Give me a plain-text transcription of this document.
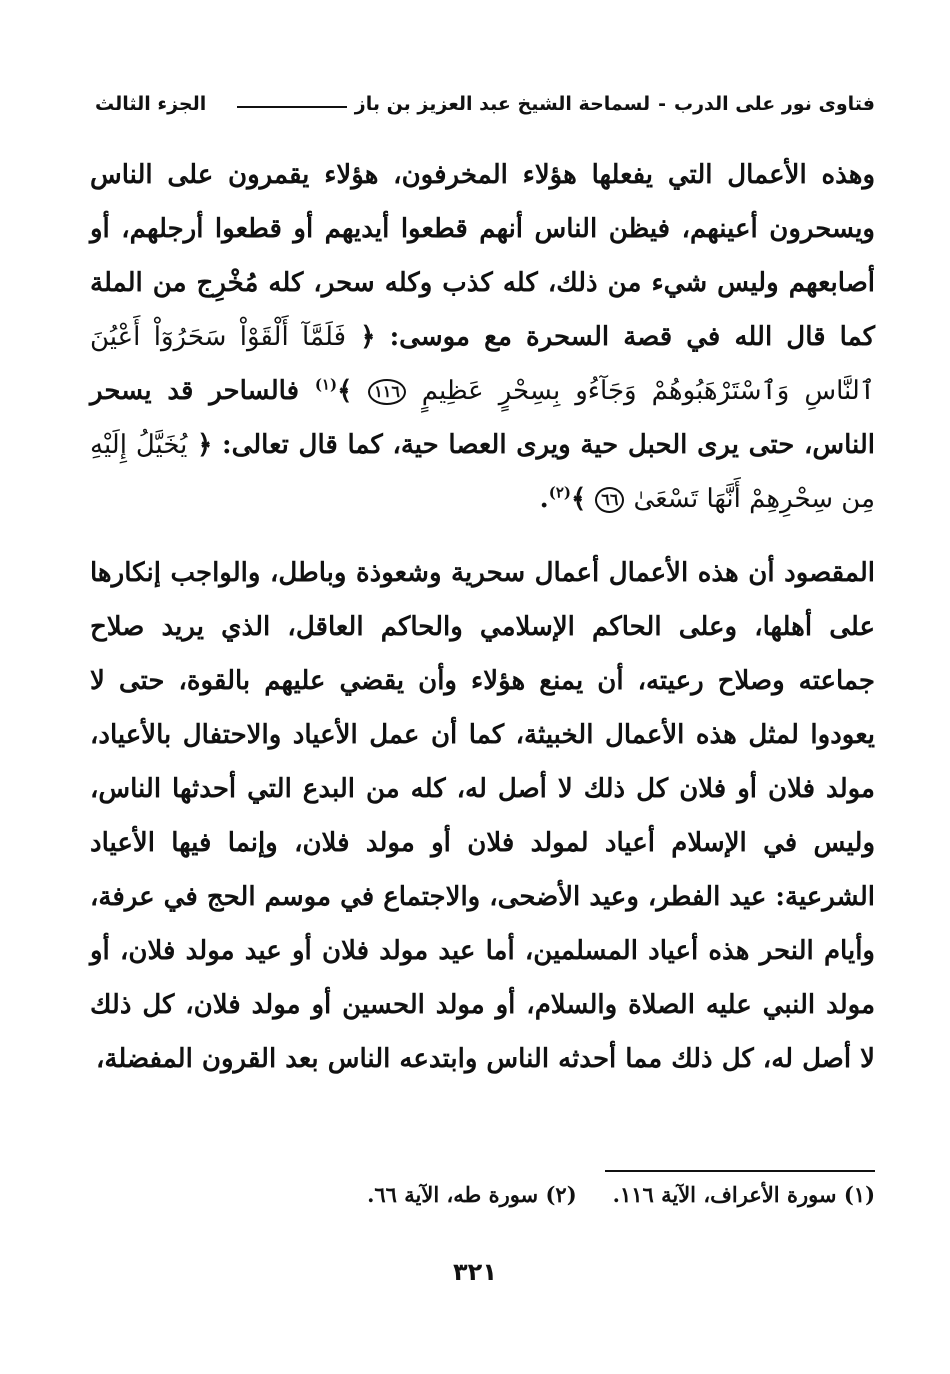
فتاوى نور على الدرب
-
لسماحة الشيخ عبد العزيز بن باز
الجزء الثالث

وهذه الأعمال التي يفعلها هؤلاء المخرفون، هؤلاء يقمرون على الناس ويسحرون أعينهم، فيظن الناس أنهم قطعوا أيديهم أو قطعوا أرجلهم، أو أصابعهم وليس شيء من ذلك، كله كذب وكله سحر، كله مُخْرِج من الملة كما قال الله في قصة السحرة مع موسى: ﴿ فَلَمَّآ أَلْقَوْاْ سَحَرُوٓاْ أَعْيُنَ ٱلنَّاسِ وَٱسْتَرْهَبُوهُمْ وَجَآءُو بِسِحْرٍ عَظِيمٍ ١١٦ ﴾$^{(١)}$ فالساحر قد يسحر الناس، حتى يرى الحبل حية ويرى العصا حية، كما قال تعالى: ﴿ يُخَيَّلُ إِلَيْهِ مِن سِحْرِهِمْ أَنَّهَا تَسْعَىٰ ٦٦ ﴾$^{(٢)}$.

المقصود أن هذه الأعمال أعمال سحرية وشعوذة وباطل، والواجب إنكارها على أهلها، وعلى الحاكم الإسلامي والحاكم العاقل، الذي يريد صلاح جماعته وصلاح رعيته، أن يمنع هؤلاء وأن يقضي عليهم بالقوة، حتى لا يعودوا لمثل هذه الأعمال الخبيثة، كما أن عمل الأعياد والاحتفال بالأعياد، مولد فلان أو فلان كل ذلك لا أصل له، كله من البدع التي أحدثها الناس، وليس في الإسلام أعياد لمولد فلان أو مولد فلان، وإنما فيها الأعياد الشرعية: عيد الفطر، وعيد الأضحى، والاجتماع في موسم الحج في عرفة، وأيام النحر هذه أعياد المسلمين، أما عيد مولد فلان أو عيد مولد فلان، أو مولد النبي عليه الصلاة والسلام، أو مولد الحسين أو مولد فلان، كل ذلك لا أصل له، كل ذلك مما أحدثه الناس وابتدعه الناس بعد القرون المفضلة،

(١) سورة الأعراف، الآية ١١٦.
(٢) سورة طه، الآية ٦٦.
٣٢١
